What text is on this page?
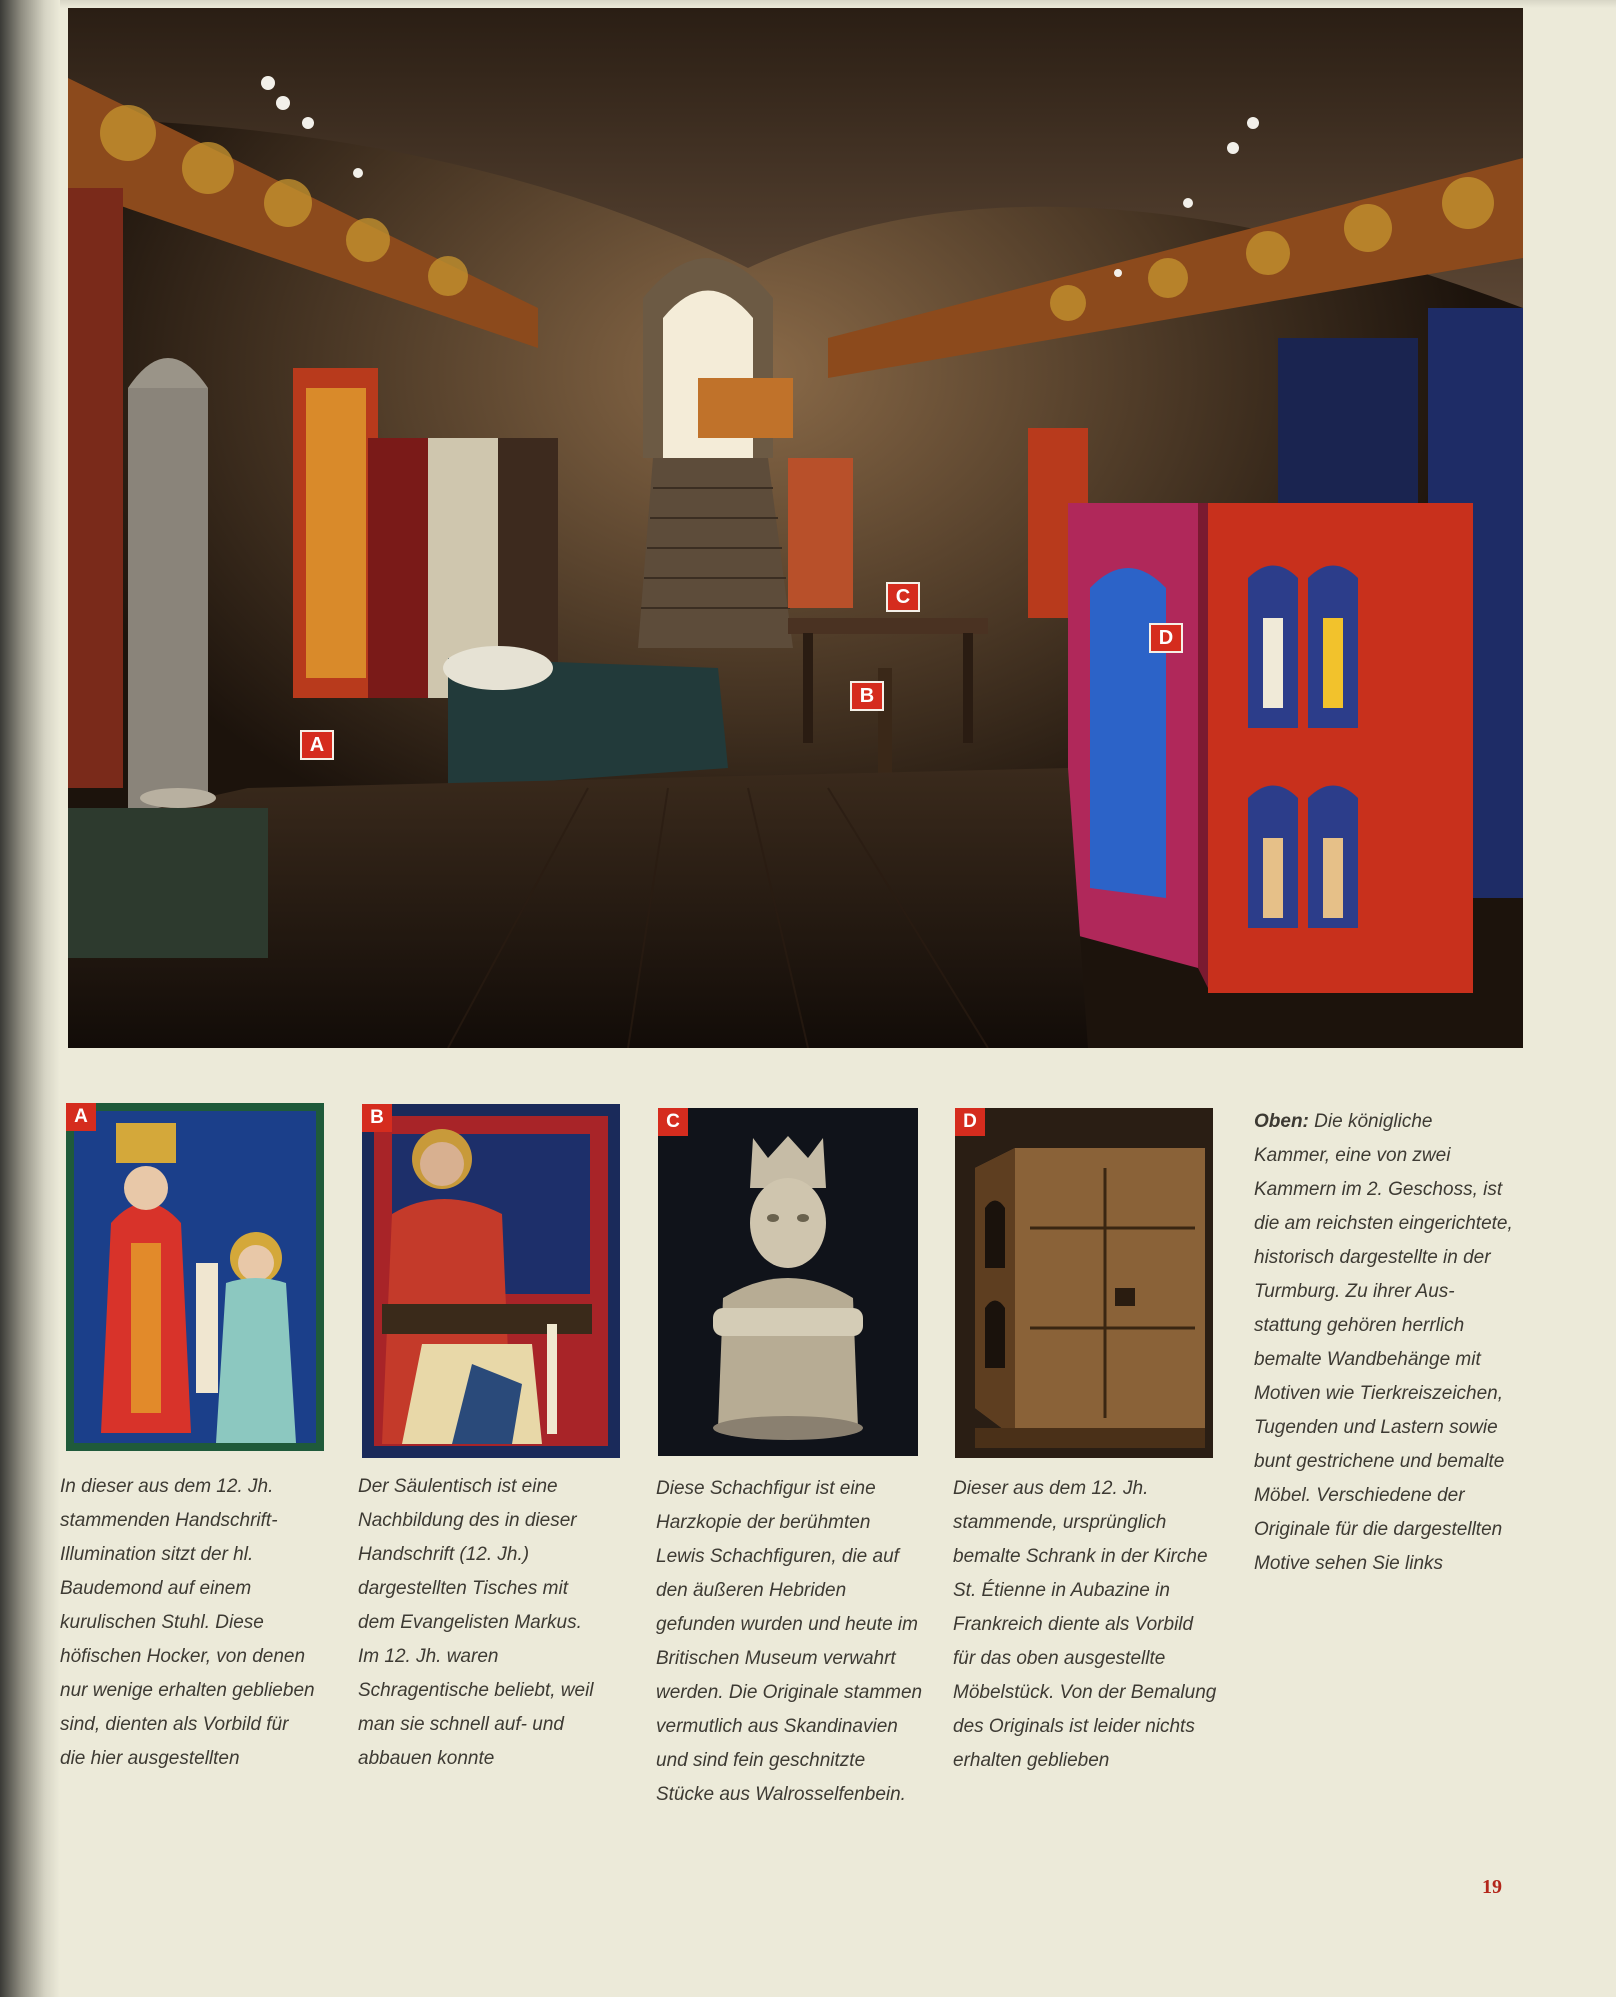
A
B
C
D
A	B	C	D
In dieser aus dem 12. Jh.
stammenden Handschrift-
Illumination sitzt der hl.
Baudemond auf einem
kurulischen Stuhl. Diese
höfischen Hocker, von denen
nur wenige erhalten geblieben
sind, dienten als Vorbild für
die hier ausgestellten
Der Säulentisch ist eine
Nachbildung des in dieser
Handschrift (12. Jh.)
dargestellten Tisches mit
dem Evangelisten Markus.
Im 12. Jh. waren
Schragentische beliebt, weil
man sie schnell auf- und
abbauen konnte
Diese Schachfigur ist eine
Harzkopie der berühmten
Lewis Schachfiguren, die auf
den äußeren Hebriden
gefunden wurden und heute im
Britischen Museum verwahrt
werden. Die Originale stammen
vermutlich aus Skandinavien
und sind fein geschnitzte
Stücke aus Walrosselfenbein.
Dieser aus dem 12. Jh.
stammende, ursprünglich
bemalte Schrank in der Kirche
St. Étienne in Aubazine in
Frankreich diente als Vorbild
für das oben ausgestellte
Möbelstück. Von der Bemalung
des Originals ist leider nichts
erhalten geblieben
Oben: Die königliche
Kammer, eine von zwei
Kammern im 2. Geschoss, ist
die am reichsten eingerichtete,
historisch dargestellte in der
Turmburg. Zu ihrer Aus-
stattung gehören herrlich
bemalte Wandbehänge mit
Motiven wie Tierkreiszeichen,
Tugenden und Lastern sowie
bunt gestrichene und bemalte
Möbel. Verschiedene der
Originale für die dargestellten
Motive sehen Sie links
19
